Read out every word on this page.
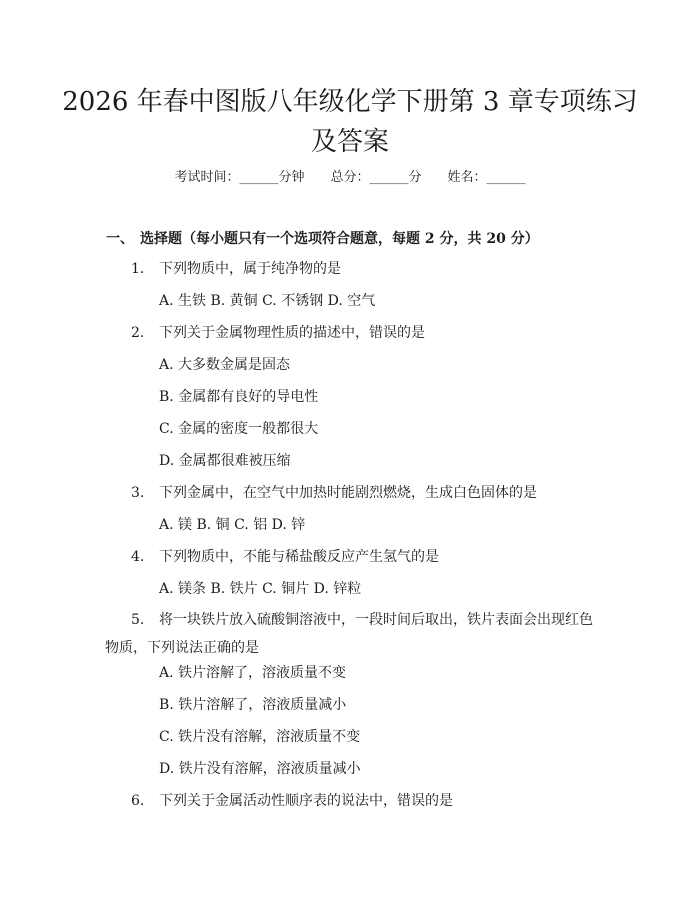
2026 年春中图版八年级化学下册第 3 章专项练习及答案
考试时间：______分钟 总分：______分 姓名：______
一、 选择题（每小题只有一个选项符合题意，每题 2 分，共 20 分）
1. 下列物质中，属于纯净物的是
A. 生铁 B. 黄铜 C. 不锈钢 D. 空气
2. 下列关于金属物理性质的描述中，错误的是
A. 大多数金属是固态
B. 金属都有良好的导电性
C. 金属的密度一般都很大
D. 金属都很难被压缩
3. 下列金属中，在空气中加热时能剧烈燃烧，生成白色固体的是
A. 镁 B. 铜 C. 铝 D. 锌
4. 下列物质中，不能与稀盐酸反应产生氢气的是
A. 镁条 B. 铁片 C. 铜片 D. 锌粒
5. 将一块铁片放入硫酸铜溶液中，一段时间后取出，铁片表面会出现红色物质，下列说法正确的是
A. 铁片溶解了，溶液质量不变
B. 铁片溶解了，溶液质量减小
C. 铁片没有溶解，溶液质量不变
D. 铁片没有溶解，溶液质量减小
6. 下列关于金属活动性顺序表的说法中，错误的是
